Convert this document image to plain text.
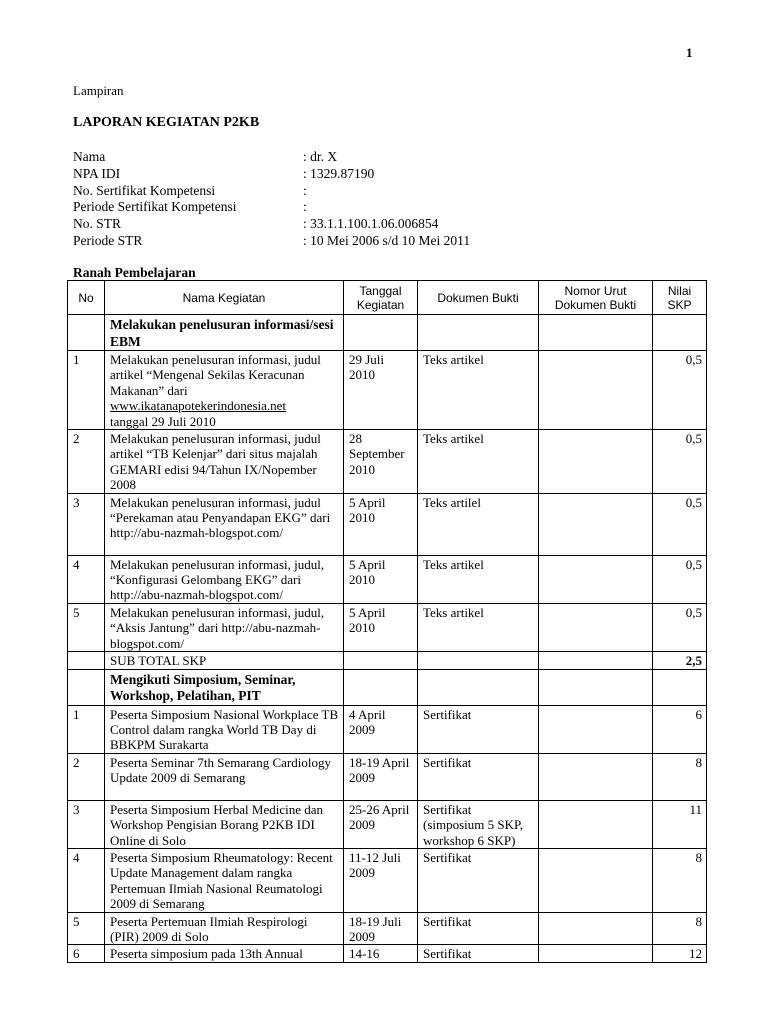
1
Lampiran
LAPORAN KEGIATAN P2KB
Nama	: dr. X
NPA IDI	: 1329.87190
No. Sertifikat Kompetensi	:
Periode Sertifikat Kompetensi	:
No. STR	: 33.1.1.100.1.06.006854
Periode STR	: 10 Mei 2006 s/d 10 Mei 2011
Ranah Pembelajaran
No	Nama Kegiatan	Tanggal Kegiatan	Dokumen Bukti	Nomor Urut Dokumen Bukti	Nilai SKP
	Melakukan penelusuran informasi/sesi EBM				
1	Melakukan penelusuran informasi, judul artikel “Mengenal Sekilas Keracunan Makanan” dari
www.ikatanapotekerindonesia.net
tanggal 29 Juli 2010	29 Juli 2010	Teks artikel		0,5
2	Melakukan penelusuran informasi, judul artikel “TB Kelenjar” dari situs majalah GEMARI edisi 94/Tahun IX/Nopember 2008	28 September 2010	Teks artikel		0,5
3	Melakukan penelusuran informasi, judul “Perekaman atau Penyandapan EKG” dari http://abu-nazmah-blogspot.com/	5 April 2010	Teks artilel		0,5
4	Melakukan penelusuran informasi, judul, “Konfigurasi Gelombang EKG” dari http://abu-nazmah-blogspot.com/	5 April 2010	Teks artikel		0,5
5	Melakukan penelusuran informasi, judul, “Aksis Jantung” dari http://abu-nazmah-blogspot.com/	5 April 2010	Teks artikel		0,5
	SUB TOTAL SKP				2,5
	Mengikuti Simposium, Seminar, Workshop, Pelatihan, PIT				
1	Peserta Simposium Nasional Workplace TB Control dalam rangka World TB Day di BBKPM Surakarta	4 April 2009	Sertifikat		6
2	Peserta Seminar 7th Semarang Cardiology Update 2009 di Semarang	18-19 April 2009	Sertifikat		8
3	Peserta Simposium Herbal Medicine dan Workshop Pengisian Borang P2KB IDI Online di Solo	25-26 April 2009	Sertifikat (simposium 5 SKP, workshop 6 SKP)		11
4	Peserta Simposium Rheumatology: Recent Update Management dalam rangka Pertemuan Ilmiah Nasional Reumatologi 2009 di Semarang	11-12 Juli 2009	Sertifikat		8
5	Peserta Pertemuan Ilmiah Respirologi (PIR) 2009 di Solo	18-19 Juli 2009	Sertifikat		8
6	Peserta simposium pada 13th Annual	14-16	Sertifikat		12
